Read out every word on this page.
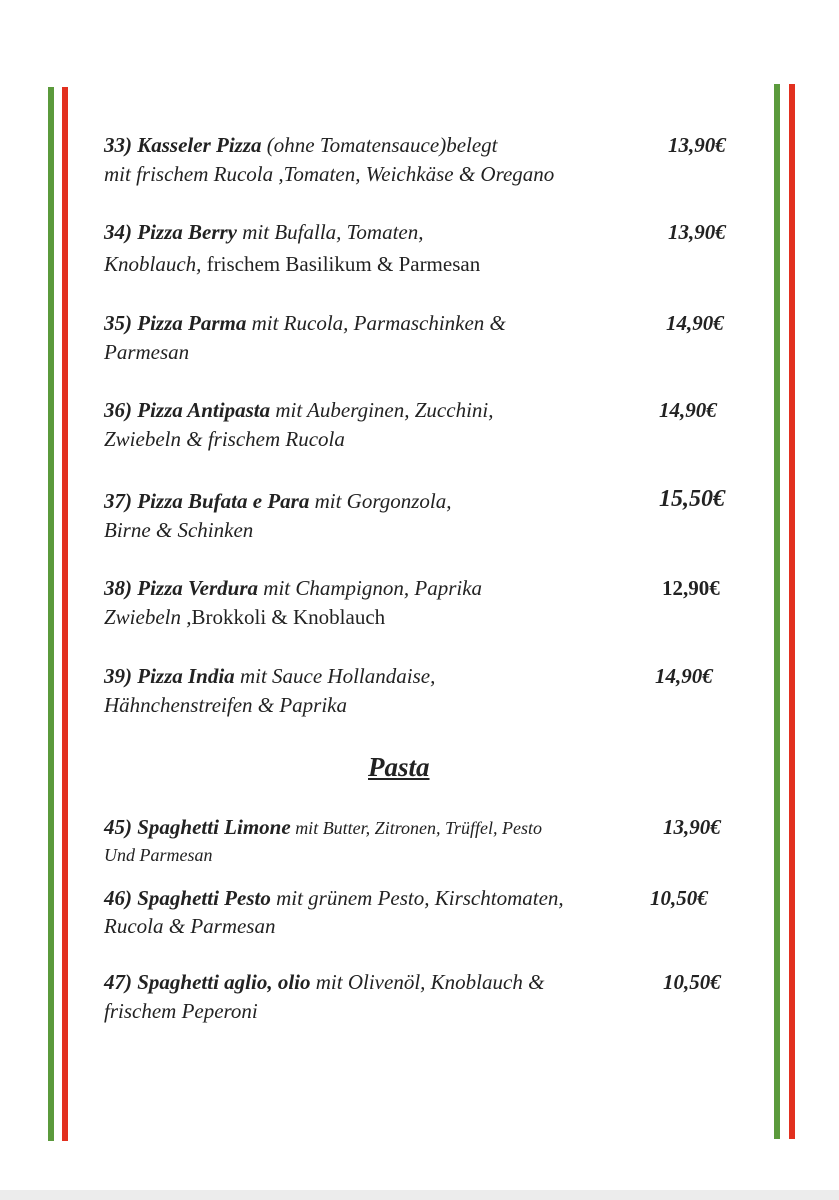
33) Kasseler Pizza (ohne Tomatensauce)belegt
mit frischem Rucola ,Tomaten, Weichkäse & Oregano
13,90€
34) Pizza Berry mit Bufalla, Tomaten,
Knoblauch, frischem Basilikum & Parmesan
13,90€
35) Pizza Parma mit Rucola, Parmaschinken &
Parmesan
14,90€
36) Pizza Antipasta mit Auberginen, Zucchini,
Zwiebeln & frischem Rucola
14,90€
37) Pizza Bufata e Para mit Gorgonzola,
Birne & Schinken
15,50€
38) Pizza Verdura mit Champignon, Paprika
Zwiebeln ,Brokkoli & Knoblauch
12,90€
39) Pizza India mit Sauce Hollandaise,
Hähnchenstreifen & Paprika
14,90€
Pasta
45) Spaghetti Limone mit Butter, Zitronen, Trüffel, Pesto
Und Parmesan
13,90€
46) Spaghetti Pesto mit grünem Pesto, Kirschtomaten,
Rucola & Parmesan
10,50€
47) Spaghetti aglio, olio mit Olivenöl, Knoblauch &
frischem Peperoni
10,50€
